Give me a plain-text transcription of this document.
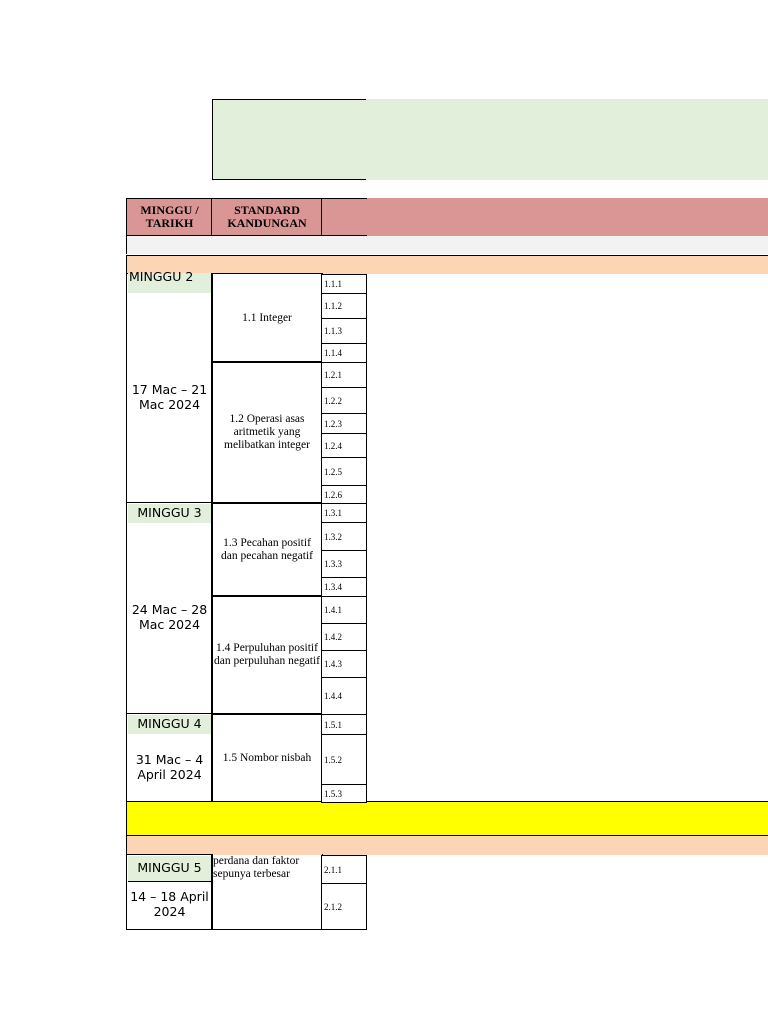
MINGGU / TARIKH
STANDARD KANDUNGAN
MINGGU 2
17 Mac – 21 Mac 2024
1.1 Integer
1.2 Operasi asas aritmetik yang melibatkan integer
MINGGU 3
24 Mac – 28 Mac 2024
1.3 Pecahan positif dan pecahan negatif
1.4 Perpuluhan positif dan perpuluhan negatif
MINGGU 4
31 Mac – 4 April 2024
1.5 Nombor nisbah
MINGGU 5
14 – 18 April 2024
perdana dan faktor sepunya terbesar
1.1.1
1.1.2
1.1.3
1.1.4
1.2.1
1.2.2
1.2.3
1.2.4
1.2.5
1.2.6
1.3.1
1.3.2
1.3.3
1.3.4
1.4.1
1.4.2
1.4.3
1.4.4
1.5.1
1.5.2
1.5.3
2.1.1
2.1.2
